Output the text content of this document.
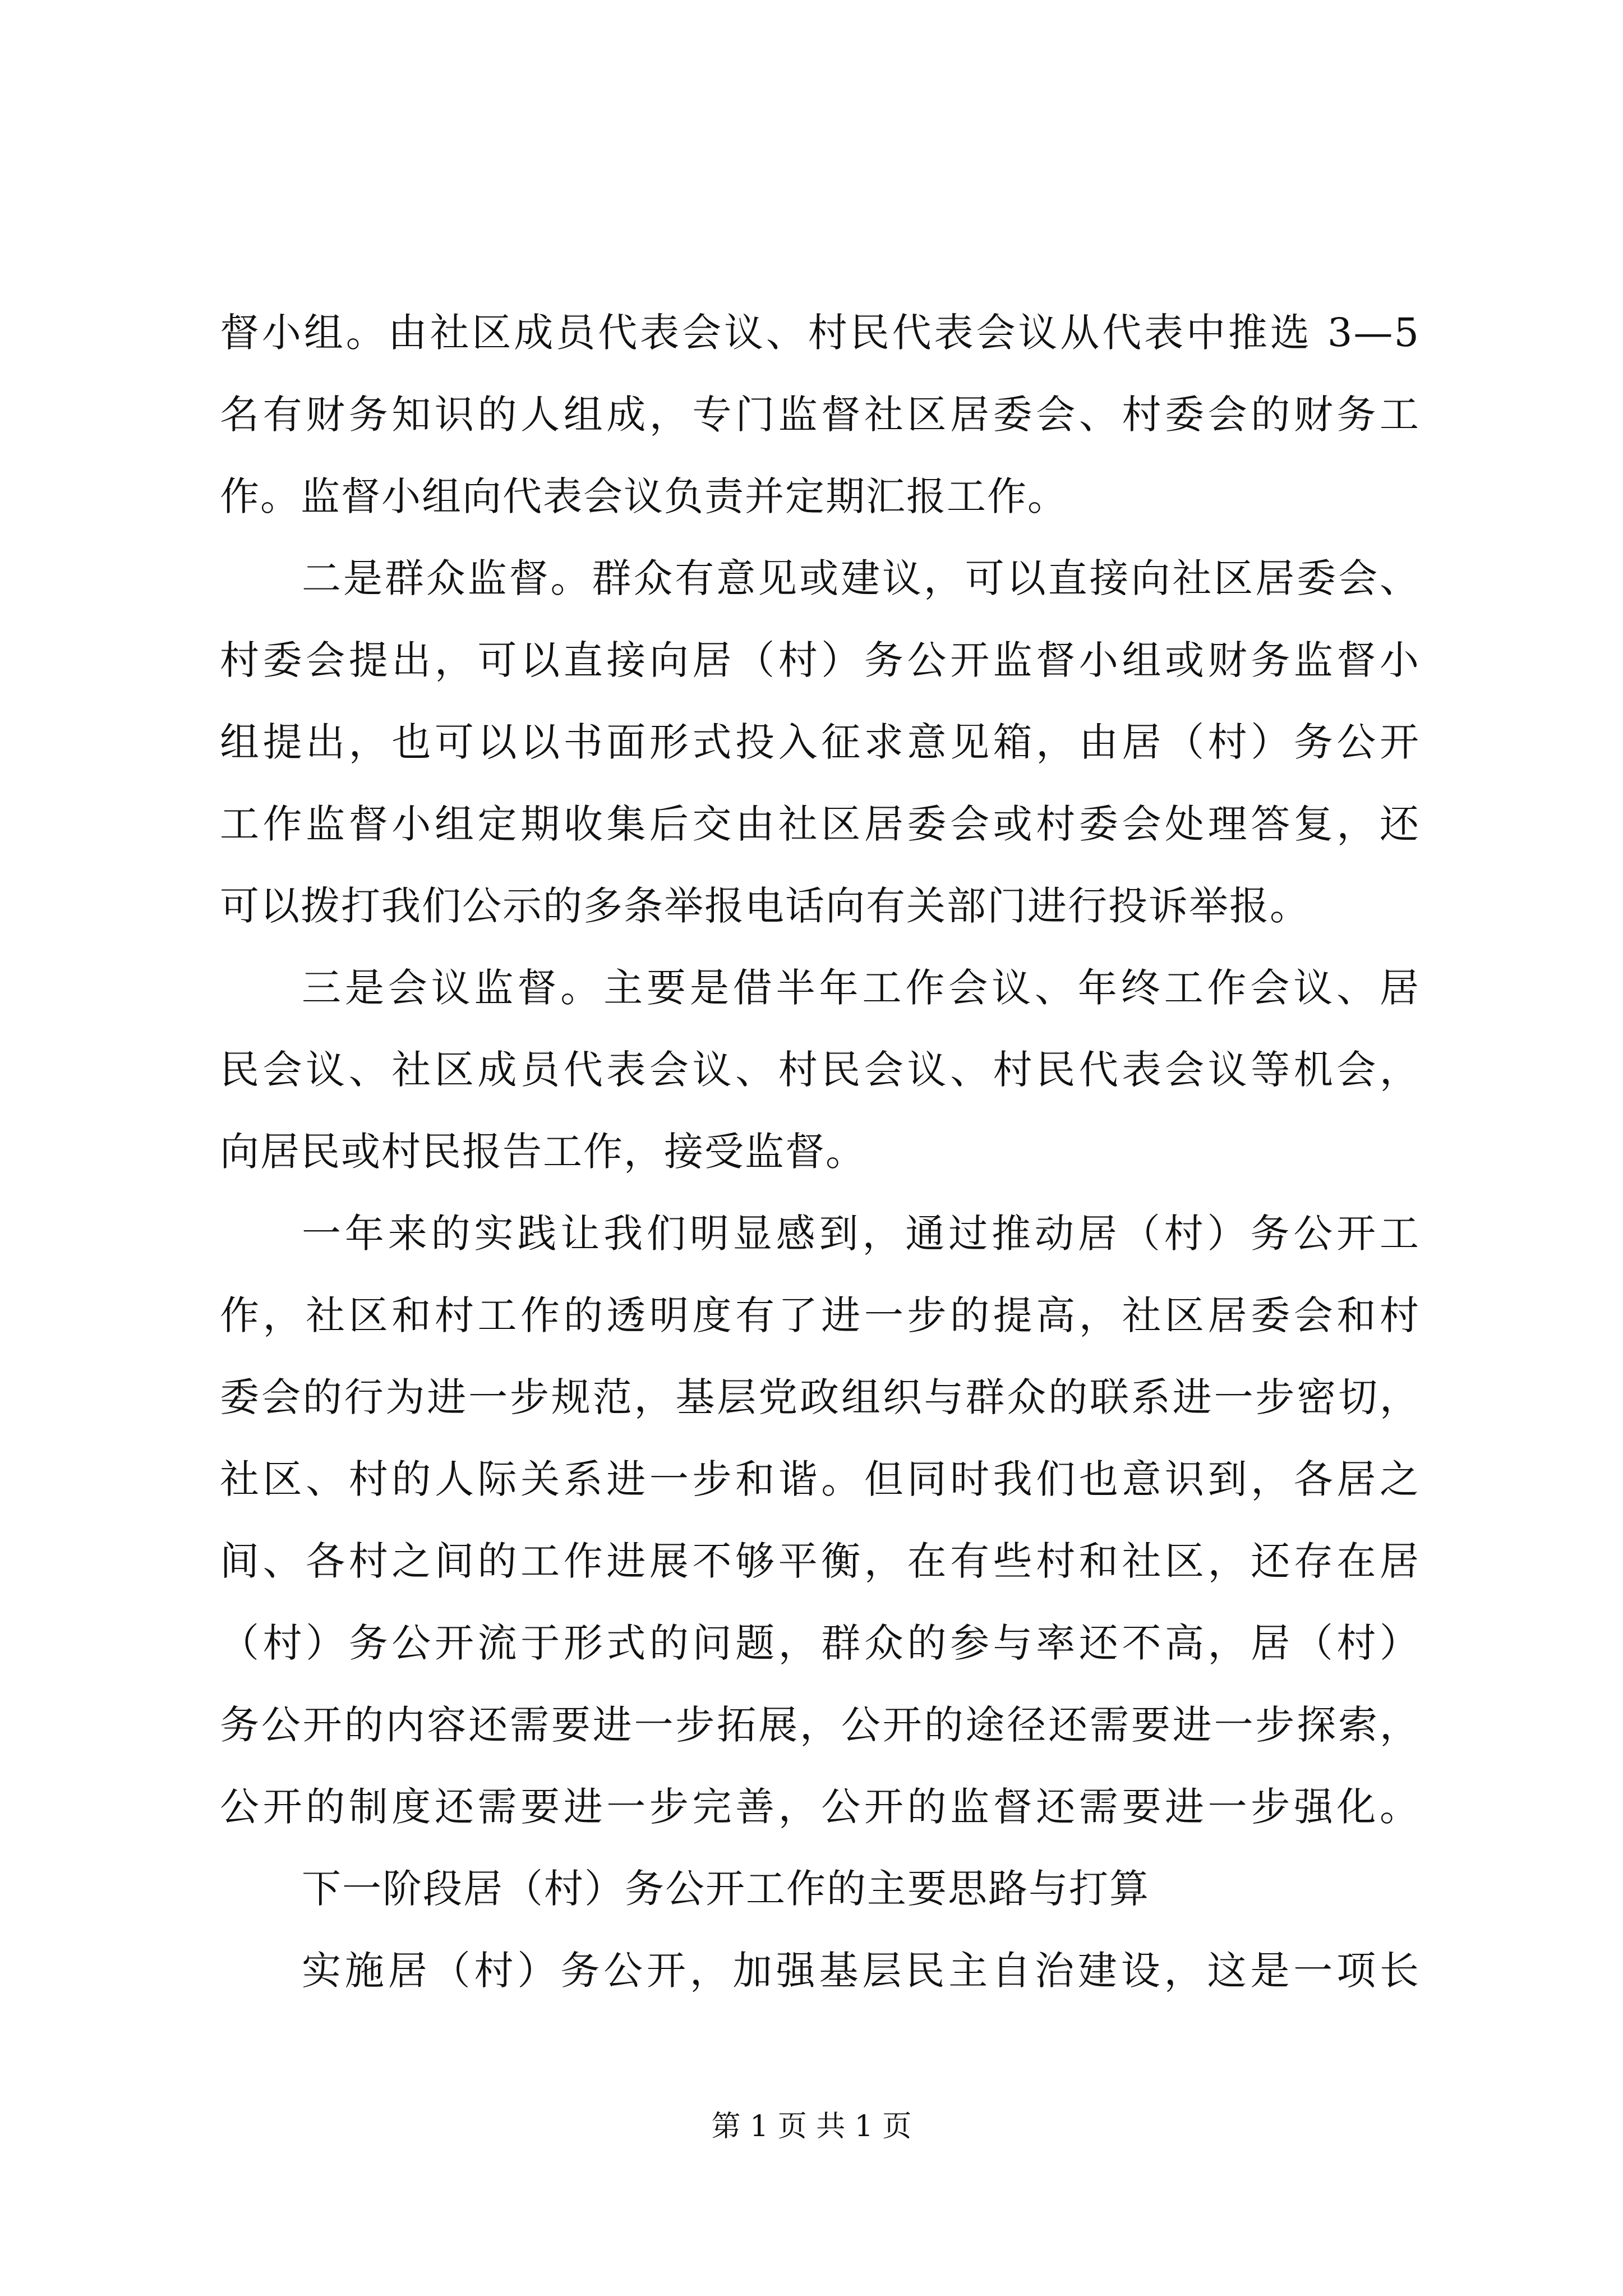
督小组。由社区成员代表会议、村民代表会议从代表中推选 3—5
名有财务知识的人组成，专门监督社区居委会、村委会的财务工
作。监督小组向代表会议负责并定期汇报工作。
二是群众监督。群众有意见或建议，可以直接向社区居委会、
村委会提出，可以直接向居（村）务公开监督小组或财务监督小
组提出，也可以以书面形式投入征求意见箱，由居（村）务公开
工作监督小组定期收集后交由社区居委会或村委会处理答复，还
可以拨打我们公示的多条举报电话向有关部门进行投诉举报。
三是会议监督。主要是借半年工作会议、年终工作会议、居
民会议、社区成员代表会议、村民会议、村民代表会议等机会，
向居民或村民报告工作，接受监督。
一年来的实践让我们明显感到，通过推动居（村）务公开工
作，社区和村工作的透明度有了进一步的提高，社区居委会和村
委会的行为进一步规范，基层党政组织与群众的联系进一步密切，
社区、村的人际关系进一步和谐。但同时我们也意识到，各居之
间、各村之间的工作进展不够平衡，在有些村和社区，还存在居
（村）务公开流于形式的问题，群众的参与率还不高，居（村）
务公开的内容还需要进一步拓展，公开的途径还需要进一步探索，
公开的制度还需要进一步完善，公开的监督还需要进一步强化。
下一阶段居（村）务公开工作的主要思路与打算
实施居（村）务公开，加强基层民主自治建设，这是一项长
第 1 页 共 1 页
